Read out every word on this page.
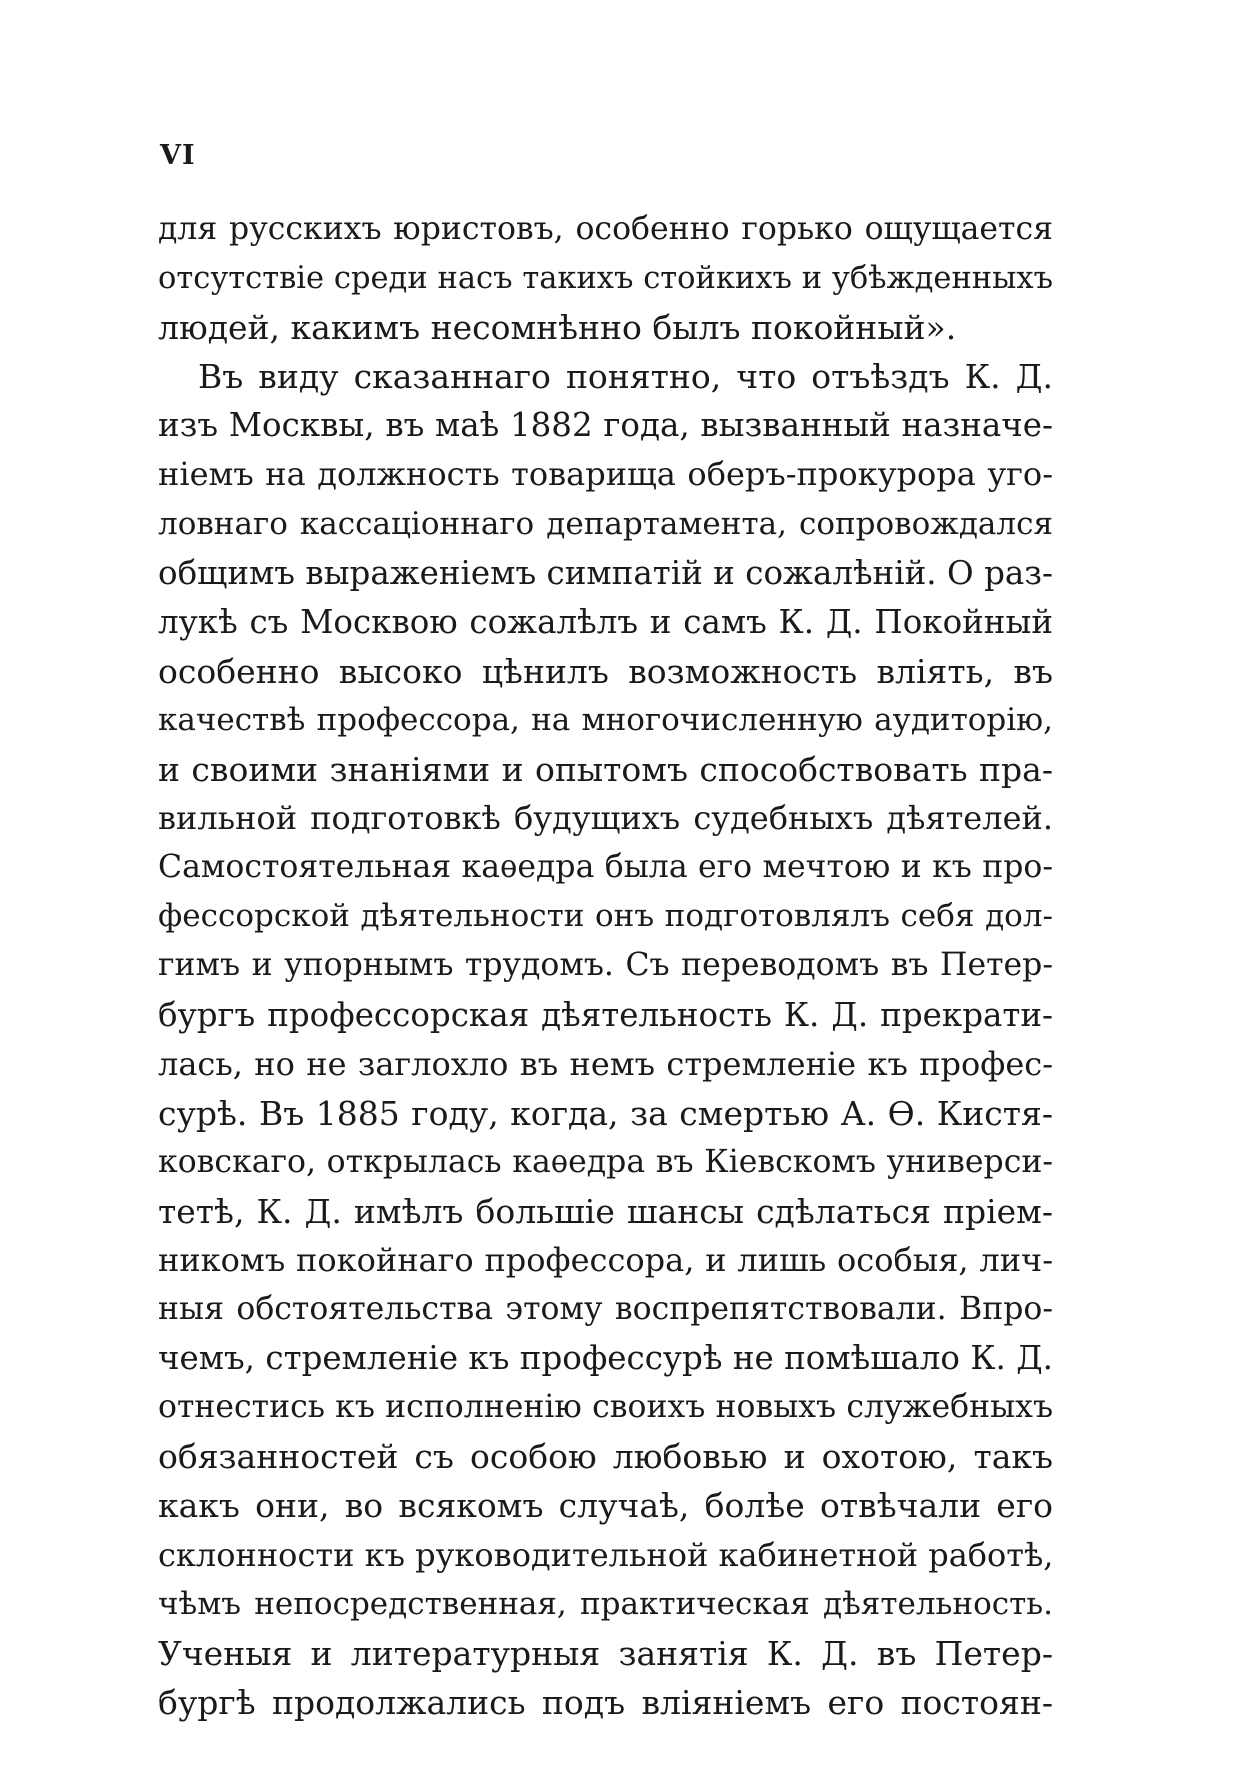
VI
для русскихъ юристовъ, особенно горько ощущается
отсутствіе среди насъ такихъ стойкихъ и убѣжденныхъ
людей, какимъ несомнѣнно былъ покойный».
Въ виду сказаннаго понятно, что отъѣздъ К. Д.
изъ Москвы, въ маѣ 1882 года, вызванный назначе-
ніемъ на должность товарища оберъ-прокурора уго-
ловнаго кассаціоннаго департамента, сопровождался
общимъ выраженіемъ симпатій и сожалѣній. О раз-
лукѣ съ Москвою сожалѣлъ и самъ К. Д. Покойный
особенно высоко цѣнилъ возможность вліять, въ
качествѣ профессора, на многочисленную аудиторію,
и своими знаніями и опытомъ способствовать пра-
вильной подготовкѣ будущихъ судебныхъ дѣятелей.
Самостоятельная каѳедра была его мечтою и къ про-
фессорской дѣятельности онъ подготовлялъ себя дол-
гимъ и упорнымъ трудомъ. Съ переводомъ въ Петер-
бургъ профессорская дѣятельность К. Д. прекрати-
лась, но не заглохло въ немъ стремленіе къ профес-
сурѣ. Въ 1885 году, когда, за смертью А. Ѳ. Кистя-
ковскаго, открылась каѳедра въ Кіевскомъ универси-
тетѣ, К. Д. имѣлъ большіе шансы сдѣлаться пріем-
никомъ покойнаго профессора, и лишь особыя, лич-
ныя обстоятельства этому воспрепятствовали. Впро-
чемъ, стремленіе къ профессурѣ не помѣшало К. Д.
отнестись къ исполненію своихъ новыхъ служебныхъ
обязанностей съ особою любовью и охотою, такъ
какъ они, во всякомъ случаѣ, болѣе отвѣчали его
склонности къ руководительной кабинетной работѣ,
чѣмъ непосредственная, практическая дѣятельность.
Ученыя и литературныя занятія К. Д. въ Петер-
бургѣ продолжались подъ вліяніемъ его постоян-
